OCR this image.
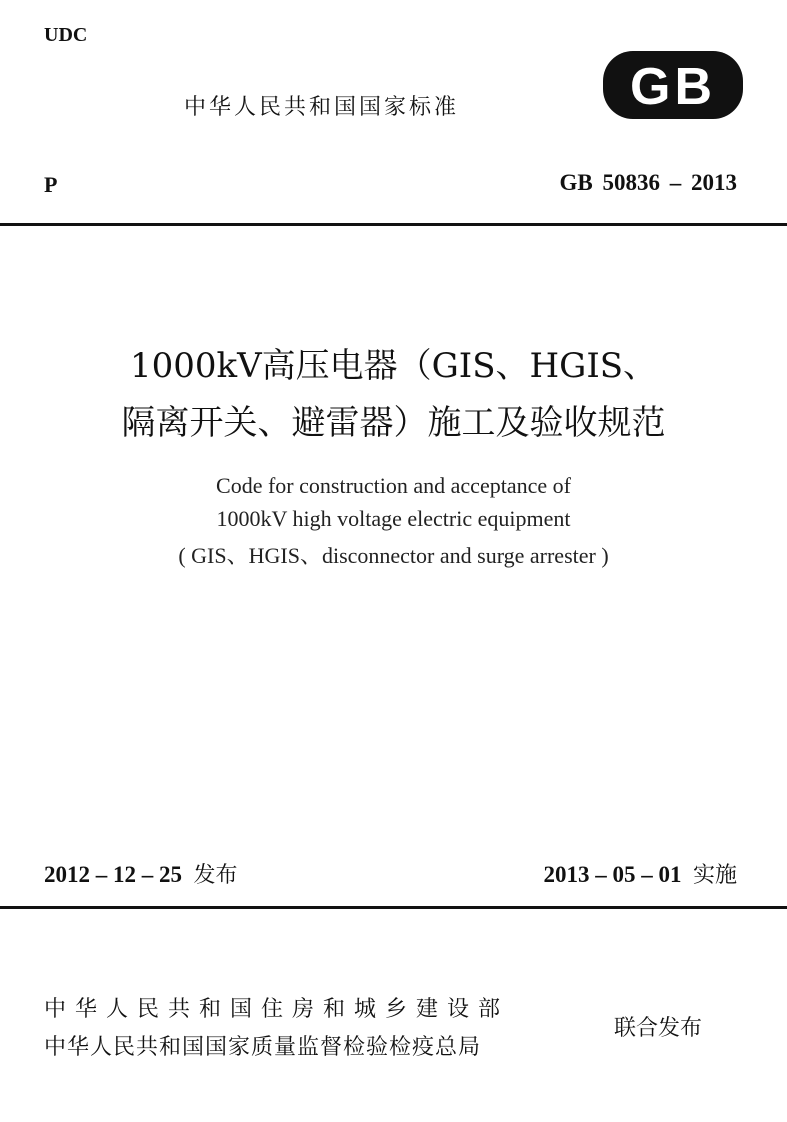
UDC
中华人民共和国国家标准	GB
P	GB 50836 – 2013
1000kV高压电器（GIS、HGIS、
隔离开关、避雷器）施工及验收规范
Code for construction and acceptance of
1000kV high voltage electric equipment
( GIS、HGIS、disconnector and surge arrester )
2012 – 12 – 25 发布	2013 – 05 – 01 实施
中华人民共和国住房和城乡建设部
中华人民共和国国家质量监督检验检疫总局
联合发布
